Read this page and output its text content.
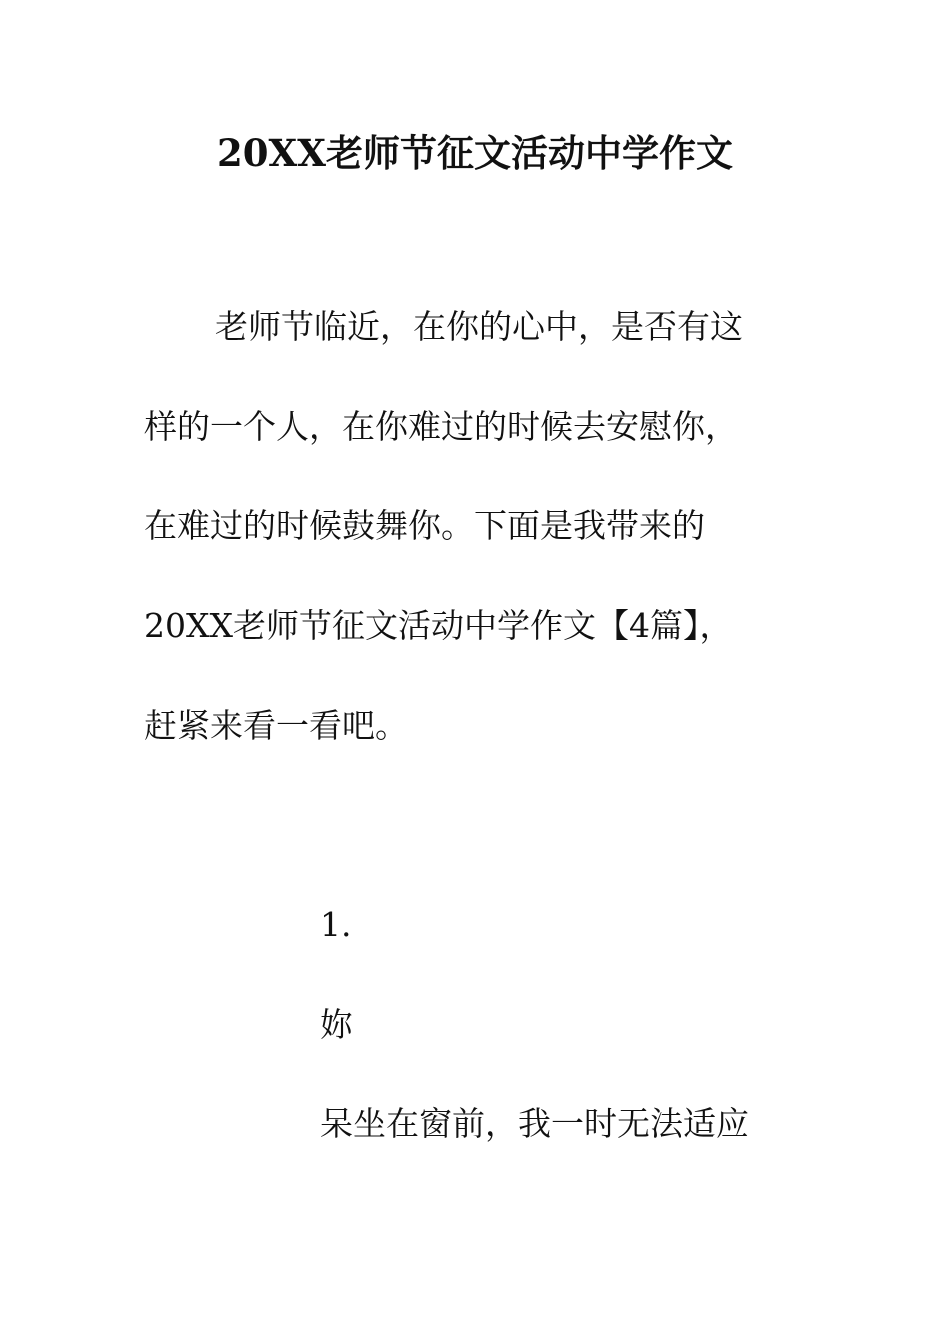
20XX老师节征文活动中学作文
老师节临近，在你的心中，是否有这
样的一个人，在你难过的时候去安慰你，
在难过的时候鼓舞你。下面是我带来的
20XX老师节征文活动中学作文【4篇】，
赶紧来看一看吧。
1.
妳
呆坐在窗前，我一时无法适应
